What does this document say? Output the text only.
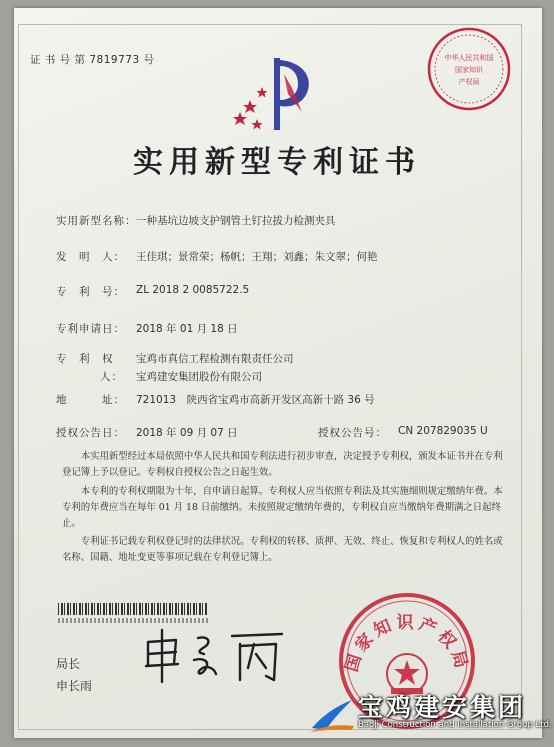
证 书 号 第 7819773 号	中华人民共和国
国家知识
产权局
实用新型专利证书
实用新型名称： 一种基坑边坡支护钢管土钉拉拔力检测夹具
发　明　人： 王佳琪；景常荣；杨帆；王翔；刘鑫；朱文翠；何艳
专　利　号： ZL 2018 2 0085722.5
专利申请日： 2018 年 01 月 18 日
专　利　权
人：
宝鸡市真信工程检测有限责任公司
宝鸡建安集团股份有限公司
地　　　址： 721013　陕西省宝鸡市高新开发区高新十路 36 号
授权公告日： 2018 年 09 月 07 日	授权公告号： CN 207829035 U
本实用新型经过本局依照中华人民共和国专利法进行初步审查，决定授予专利权，颁发本证书并在专利登记簿上予以登记。专利权自授权公告之日起生效。
本专利的专利权期限为十年，自申请日起算。专利权人应当依照专利法及其实施细则规定缴纳年费。本专利的年费应当在每年 01 月 18 日前缴纳。未按照规定缴纳年费的，专利权自应当缴纳年费期满之日起终止。
专利证书记载专利权登记时的法律状况。专利权的转移、质押、无效、终止、恢复和专利权人的姓名或名称、国籍、地址变更等事项记载在专利登记簿上。
局长
申长雨
国家知识产权局
宝鸡建安集团
Baoji Construction and Installation Group Ltd.
